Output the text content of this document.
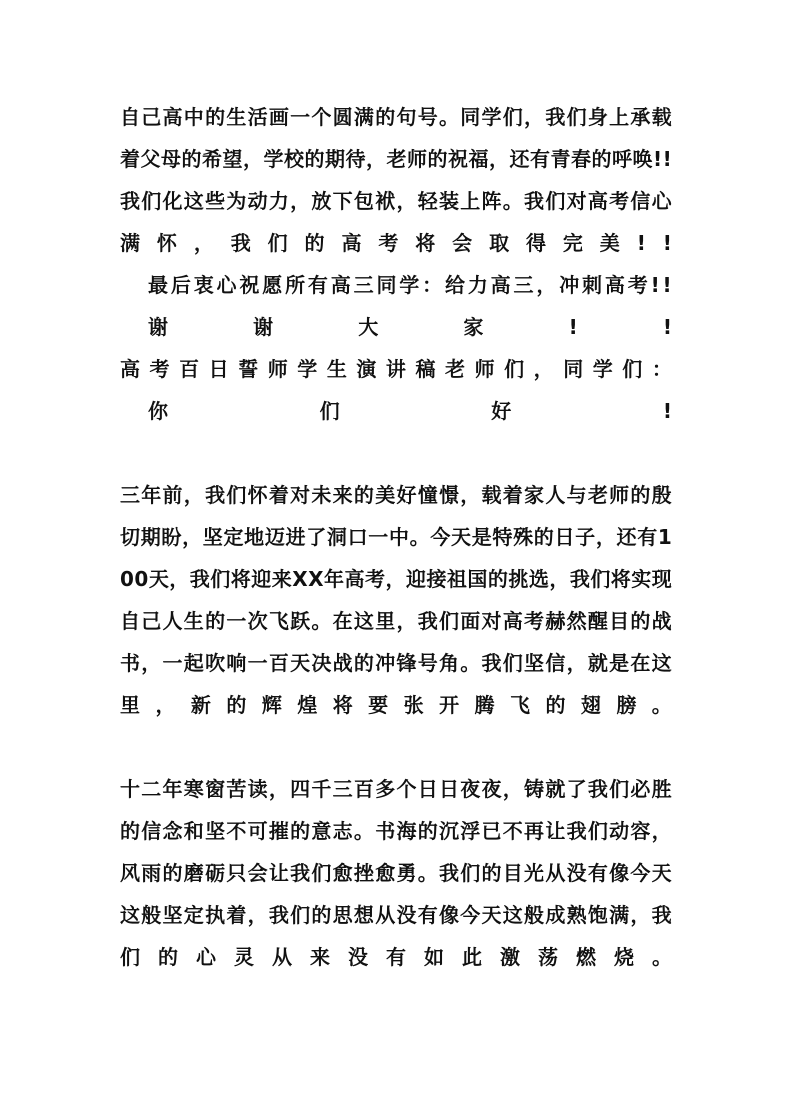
自 己 高 中 的 生 活 画 一 个 圆 满 的 句 号 。 同 学 们 ， 我 们 身 上 承 载
着 父 母 的 希 望 ， 学 校 的 期 待 ， 老 师 的 祝 福 ， 还 有 青 春 的 呼 唤 ! !
我 们 化 这 些 为 动 力 ， 放 下 包 袱 ， 轻 装 上 阵 。 我 们 对 高 考 信 心
满 怀 ， 我 们 的 高 考 将 会 取 得 完 美 ! !
最 后 衷 心 祝 愿 所 有 高 三 同 学 ： 给 力 高 三 ， 冲 刺 高 考 ! !
谢	谢	大	家	!	!
高 考 百 日 誓 师 学 生 演 讲 稿 老 师 们 ， 同 学 们 ：
你	们	好	!
三 年 前 ， 我 们 怀 着 对 未 来 的 美 好 憧 憬 ， 载 着 家 人 与 老 师 的 殷
切 期 盼 ， 坚 定 地 迈 进 了 洞 口 一 中 。 今 天 是 特 殊 的 日 子 ， 还 有 1
0 0 天 ， 我 们 将 迎 来 X X 年 高 考 ， 迎 接 祖 国 的 挑 选 ， 我 们 将 实 现
自 己 人 生 的 一 次 飞 跃 。 在 这 里 ， 我 们 面 对 高 考 赫 然 醒 目 的 战
书 ， 一 起 吹 响 一 百 天 决 战 的 冲 锋 号 角 。 我 们 坚 信 ， 就 是 在 这
里 ， 新 的 辉 煌 将 要 张 开 腾 飞 的 翅 膀 。
十 二 年 寒 窗 苦 读 ， 四 千 三 百 多 个 日 日 夜 夜 ， 铸 就 了 我 们 必 胜
的 信 念 和 坚 不 可 摧 的 意 志 。 书 海 的 沉 浮 已 不 再 让 我 们 动 容 ，
风 雨 的 磨 砺 只 会 让 我 们 愈 挫 愈 勇 。 我 们 的 目 光 从 没 有 像 今 天
这 般 坚 定 执 着 ， 我 们 的 思 想 从 没 有 像 今 天 这 般 成 熟 饱 满 ， 我
们 的 心 灵 从 来 没 有 如 此 激 荡 燃 烧 。
